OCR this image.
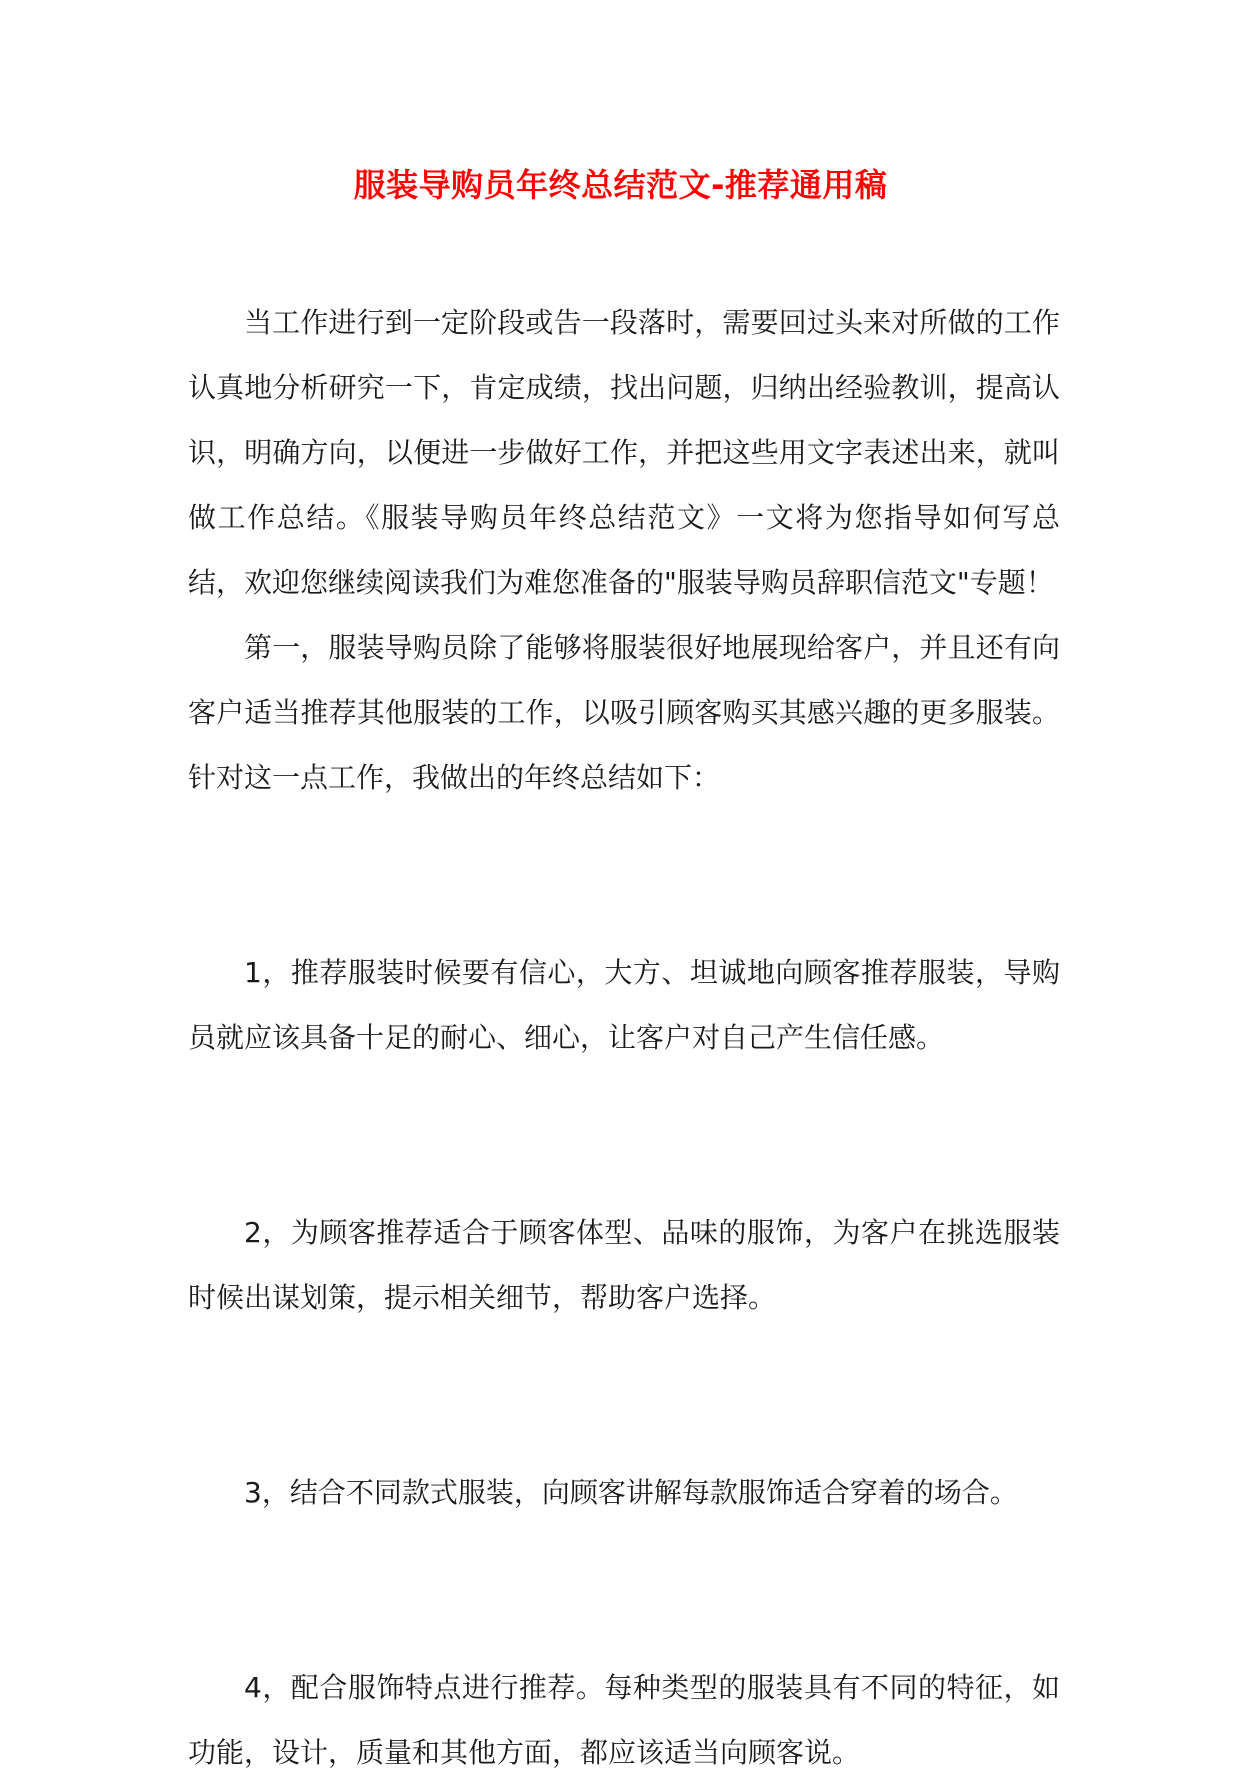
服装导购员年终总结范文-推荐通用稿

当工作进行到一定阶段或告一段落时，需要回过头来对所做的工作认真地分析研究一下，肯定成绩，找出问题，归纳出经验教训，提高认识，明确方向，以便进一步做好工作，并把这些用文字表述出来，就叫做工作总结。《服装导购员年终总结范文》一文将为您指导如何写总结，欢迎您继续阅读我们为难您准备的"服装导购员辞职信范文"专题！

第一，服装导购员除了能够将服装很好地展现给客户，并且还有向客户适当推荐其他服装的工作，以吸引顾客购买其感兴趣的更多服装。针对这一点工作，我做出的年终总结如下：

1，推荐服装时候要有信心，大方、坦诚地向顾客推荐服装，导购员就应该具备十足的耐心、细心，让客户对自己产生信任感。

2，为顾客推荐适合于顾客体型、品味的服饰，为客户在挑选服装时候出谋划策，提示相关细节，帮助客户选择。

3，结合不同款式服装，向顾客讲解每款服饰适合穿着的场合。

4，配合服饰特点进行推荐。每种类型的服装具有不同的特征，如功能，设计，质量和其他方面，都应该适当向顾客说。
